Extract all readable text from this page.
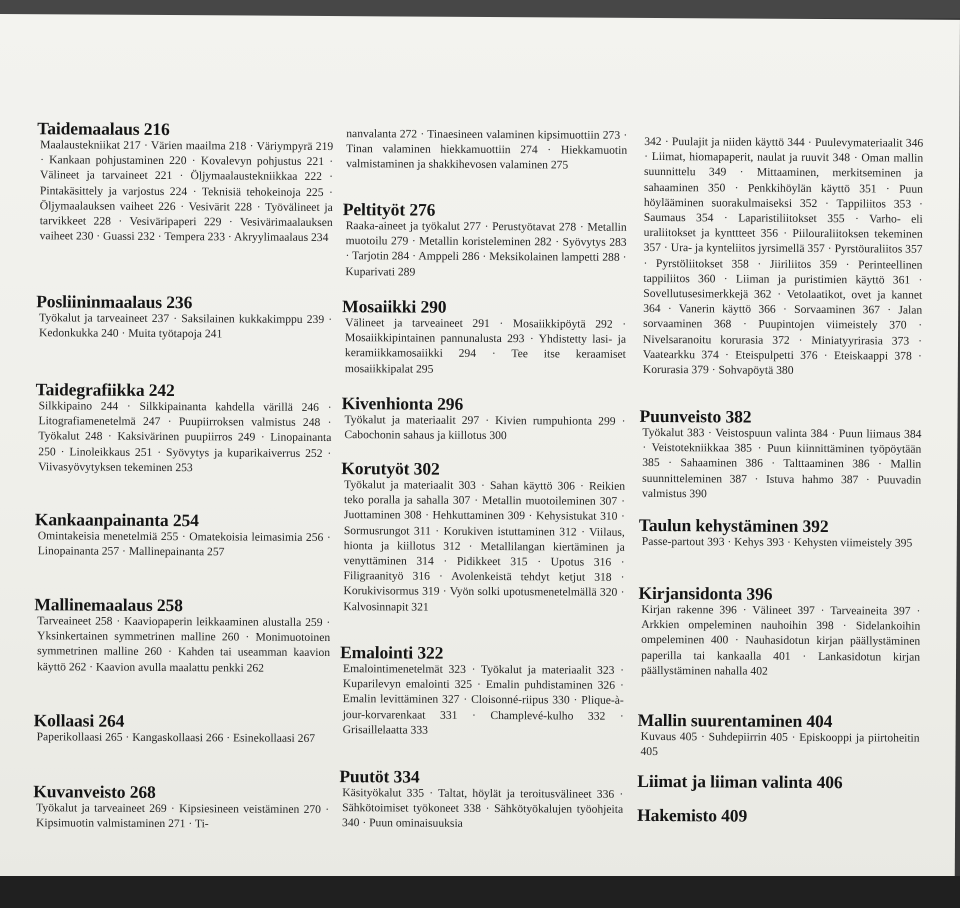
Taidemaalaus 216
Maalaustekniikat 217 · Värien maailma 218 · Väriympyrä 219 · Kankaan pohjustaminen 220 · Kovalevyn pohjustus 221 · Välineet ja tarvaineet 221 · Öljymaalaustekniikkaa 222 · Pintakäsittely ja varjostus 224 · Teknisiä tehokeinoja 225 · Öljymaalauksen vaiheet 226 · Vesivärit 228 · Työvälineet ja tarvikkeet 228 · Vesiväripaperi 229 · Vesivärimaalauksen vaiheet 230 · Guassi 232 · Tempera 233 · Akryylimaalaus 234
Posliininmaalaus 236
Työkalut ja tarveaineet 237 · Saksilainen kukkakimppu 239 · Kedonkukka 240 · Muita työtapoja 241
Taidegrafiikka 242
Silkkipaino 244 · Silkkipainanta kahdella värillä 246 · Litografiamenetelmä 247 · Puupiirroksen valmistus 248 · Työkalut 248 · Kaksivärinen puupiirros 249 · Linopainanta 250 · Linoleikkaus 251 · Syövytys ja kuparikaiverrus 252 · Viivasyövytyksen tekeminen 253
Kankaanpainanta 254
Omintakeisia menetelmiä 255 · Omatekoisia leimasimia 256 · Linopainanta 257 · Mallinepainanta 257
Mallinemaalaus 258
Tarveaineet 258 · Kaaviopaperin leikkaaminen alustalla 259 · Yksinkertainen symmetrinen malline 260 · Monimuotoinen symmetrinen malline 260 · Kahden tai useamman kaavion käyttö 262 · Kaavion avulla maalattu penkki 262
Kollaasi 264
Paperikollaasi 265 · Kangaskollaasi 266 · Esinekollaasi 267
Kuvanveisto 268
Työkalut ja tarveaineet 269 · Kipsiesineen veistäminen 270 · Kipsimuotin valmistaminen 271 · Ti-
nanvalanta 272 · Tinaesineen valaminen kipsimuottiin 273 · Tinan valaminen hiekkamuottiin 274 · Hiekkamuotin valmistaminen ja shakkihevosen valaminen 275
Peltityöt 276
Raaka-aineet ja työkalut 277 · Perustyötavat 278 · Metallin muotoilu 279 · Metallin koristeleminen 282 · Syövytys 283 · Tarjotin 284 · Amppeli 286 · Meksikolainen lampetti 288 · Kuparivati 289
Mosaiikki 290
Välineet ja tarveaineet 291 · Mosaiikkipöytä 292 · Mosaiikkipintainen pannunalusta 293 · Yhdistetty lasi- ja keramiikkamosaiikki 294 · Tee itse keraamiset mosaiikkipalat 295
Kivenhionta 296
Työkalut ja materiaalit 297 · Kivien rumpuhionta 299 · Cabochonin sahaus ja kiillotus 300
Korutyöt 302
Työkalut ja materiaalit 303 · Sahan käyttö 306 · Reikien teko poralla ja sahalla 307 · Metallin muotoileminen 307 · Juottaminen 308 · Hehkuttaminen 309 · Kehysistukat 310 · Sormusrungot 311 · Korukiven istuttaminen 312 · Viilaus, hionta ja kiillotus 312 · Metallilangan kiertäminen ja venyttäminen 314 · Pidikkeet 315 · Upotus 316 · Filigraanityö 316 · Avolenkeistä tehdyt ketjut 318 · Korukivisormus 319 · Vyön solki upotusmenetelmällä 320 · Kalvosinnapit 321
Emalointi 322
Emalointimenetelmät 323 · Työkalut ja materiaalit 323 · Kuparilevyn emalointi 325 · Emalin puhdistaminen 326 · Emalin levittäminen 327 · Cloisonné-riipus 330 · Plique-à-jour-korvarenkaat 331 · Champlevé-kulho 332 · Grisaillelaatta 333
Puutöt 334
Käsityökalut 335 · Taltat, höylät ja teroitusvälineet 336 · Sähkötoimiset työkoneet 338 · Sähkötyökalujen työohjeita 340 · Puun ominaisuuksia
342 · Puulajit ja niiden käyttö 344 · Puulevymateriaalit 346 · Liimat, hiomapaperit, naulat ja ruuvit 348 · Oman mallin suunnittelu 349 · Mittaaminen, merkitseminen ja sahaaminen 350 · Penkkihöylän käyttö 351 · Puun höylääminen suorakulmaiseksi 352 · Tappiliitos 353 · Saumaus 354 · Laparistiliitokset 355 · Varho- eli uraliitokset ja kynttteet 356 · Piilouraliitoksen tekeminen 357 · Ura- ja kynteliitos jyrsimellä 357 · Pyrstöuraliitos 357 · Pyrstöliitokset 358 · Jiiriliitos 359 · Perinteellinen tappiliitos 360 · Liiman ja puristimien käyttö 361 · Sovellutusesimerkkejä 362 · Vetolaatikot, ovet ja kannet 364 · Vanerin käyttö 366 · Sorvaaminen 367 · Jalan sorvaaminen 368 · Puupintojen viimeistely 370 · Nivelsaranoitu korurasia 372 · Miniatyyrirasia 373 · Vaatearkku 374 · Eteispulpetti 376 · Eteiskaappi 378 · Korurasia 379 · Sohvapöytä 380
Puunveisto 382
Työkalut 383 · Veistospuun valinta 384 · Puun liimaus 384 · Veistotekniikkaa 385 · Puun kiinnittäminen työpöytään 385 · Sahaaminen 386 · Talttaaminen 386 · Mallin suunnitteleminen 387 · Istuva hahmo 387 · Puuvadin valmistus 390
Taulun kehystäminen 392
Passe-partout 393 · Kehys 393 · Kehysten viimeistely 395
Kirjansidonta 396
Kirjan rakenne 396 · Välineet 397 · Tarveaineita 397 · Arkkien ompeleminen nauhoihin 398 · Sidelankoihin ompeleminen 400 · Nauhasidotun kirjan päällystäminen paperilla tai kankaalla 401 · Lankasidotun kirjan päällystäminen nahalla 402
Mallin suurentaminen 404
Kuvaus 405 · Suhdepiirrin 405 · Episkooppi ja piirtoheitin 405
Liimat ja liiman valinta 406
Hakemisto 409
